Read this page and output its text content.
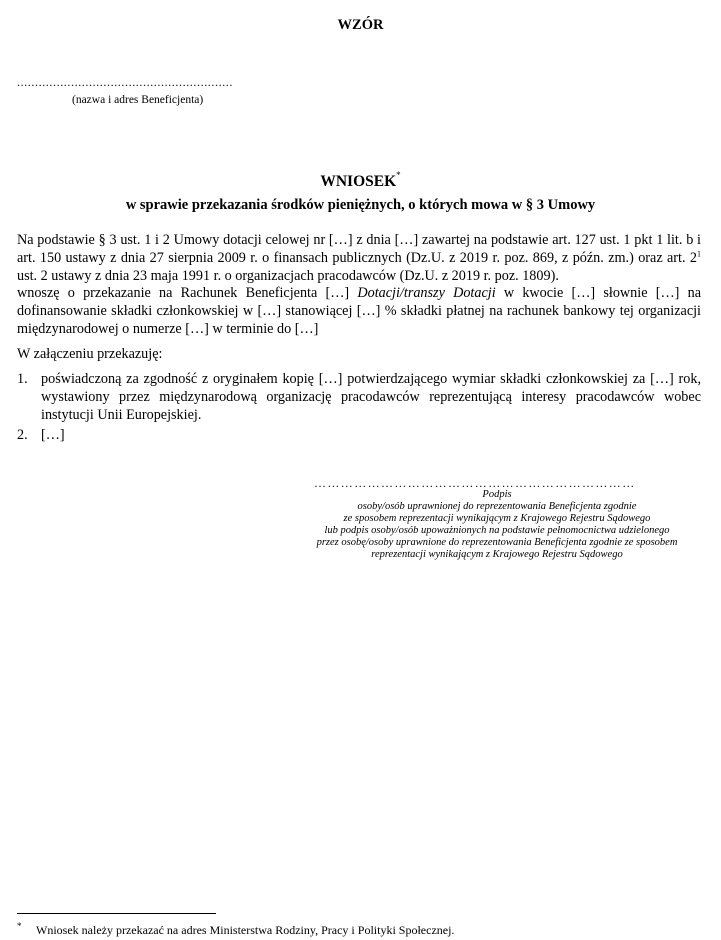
WZÓR
............................................................
(nazwa i adres Beneficjenta)
WNIOSEK*
w sprawie przekazania środków pieniężnych, o których mowa w § 3 Umowy
Na podstawie § 3 ust. 1 i 2 Umowy dotacji celowej nr […] z dnia […] zawartej na podstawie art. 127 ust. 1 pkt 1 lit. b i art. 150 ustawy z dnia 27 sierpnia 2009 r. o finansach publicznych (Dz.U. z 2019 r. poz. 869, z późn. zm.) oraz art. $2^1$ ust. 2 ustawy z dnia 23 maja 1991 r. o organizacjach pracodawców (Dz.U. z 2019 r. poz. 1809).
wnoszę o przekazanie na Rachunek Beneficjenta […] Dotacji/transzy Dotacji w kwocie […] słownie […] na dofinansowanie składki członkowskiej w […] stanowiącej […] % składki płatnej na rachunek bankowy tej organizacji międzynarodowej o numerze […] w terminie do […]
W załączeniu przekazuję:
1. poświadczoną za zgodność z oryginałem kopię […] potwierdzającego wymiar składki członkowskiej za […] rok, wystawiony przez międzynarodową organizację pracodawców reprezentującą interesy pracodawców wobec instytucji Unii Europejskiej.
2. […]
………………………………………………………………
Podpis
osoby/osób uprawnionej do reprezentowania Beneficjenta zgodnie
ze sposobem reprezentacji wynikającym z Krajowego Rejestru Sądowego
lub podpis osoby/osób upoważnionych na podstawie pełnomocnictwa udzielonego
przez osobę/osoby uprawnione do reprezentowania Beneficjenta zgodnie ze sposobem
reprezentacji wynikającym z Krajowego Rejestru Sądowego
* Wniosek należy przekazać na adres Ministerstwa Rodziny, Pracy i Polityki Społecznej.
